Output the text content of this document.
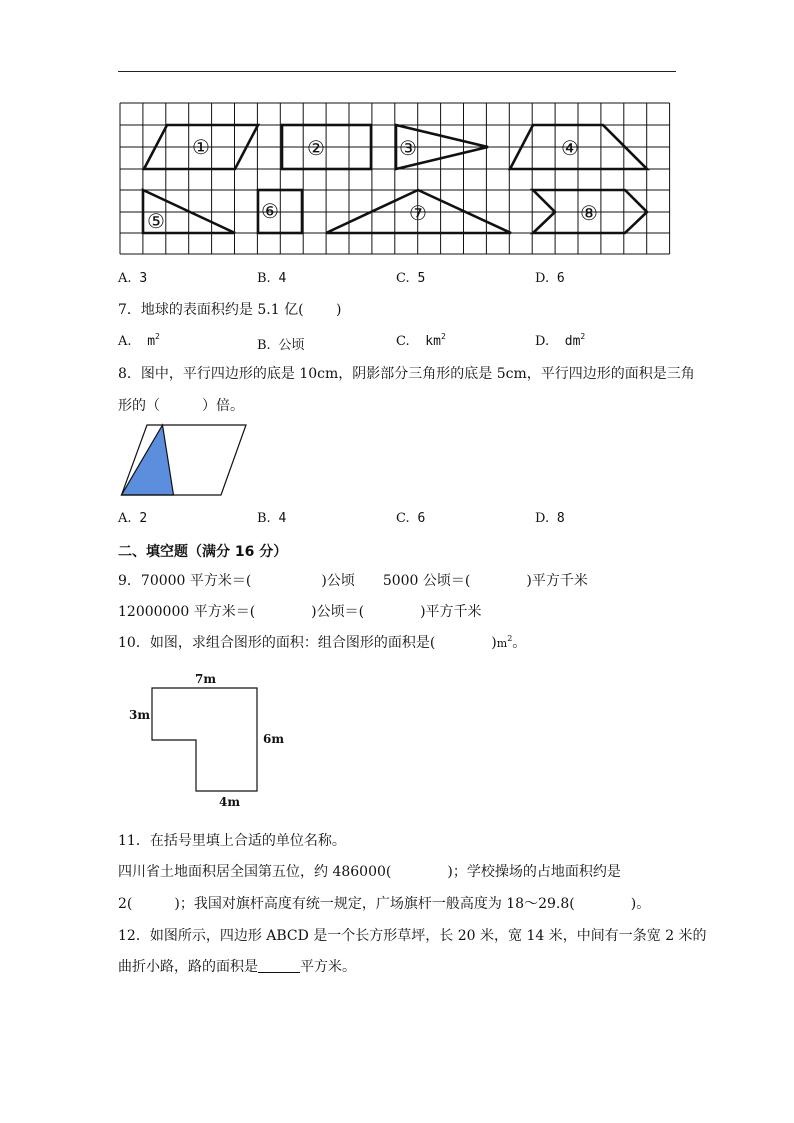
①	②	③	④
⑤	⑥	⑦	⑧
A. 3	B. 4	C. 5	D. 6
7．地球的表面积约是 5.1 亿(　　 )
A. $m^2$
B. 公顷	C. $km^2$	D. $dm^2$
8．图中，平行四边形的底是 10cm，阴影部分三角形的底是 5cm，平行四边形的面积是三角
形的（　　　）倍。
A. 2	B. 4	C. 6	D. 8
二、填空题（满分 16 分）
9．70000 平方米＝(　　　　　)公顷　　5000 公顷＝(　　　　)平方千米
12000000 平方米＝(　　　　)公顷＝(　　　　)平方千米
10．如图，求组合图形的面积：组合图形的面积是(　　　　)$m^2$。
7m
3m
6m
4m
11．在括号里填上合适的单位名称。
四川省土地面积居全国第五位，约 486000(　　　　)；学校操场的占地面积约是
2(　　　)；我国对旗杆高度有统一规定，广场旗杆一般高度为 18～29.8(　　　　)。
12．如图所示，四边形 ABCD 是一个长方形草坪，长 20 米，宽 14 米，中间有一条宽 2 米的
曲折小路，路的面积是	平方米。
